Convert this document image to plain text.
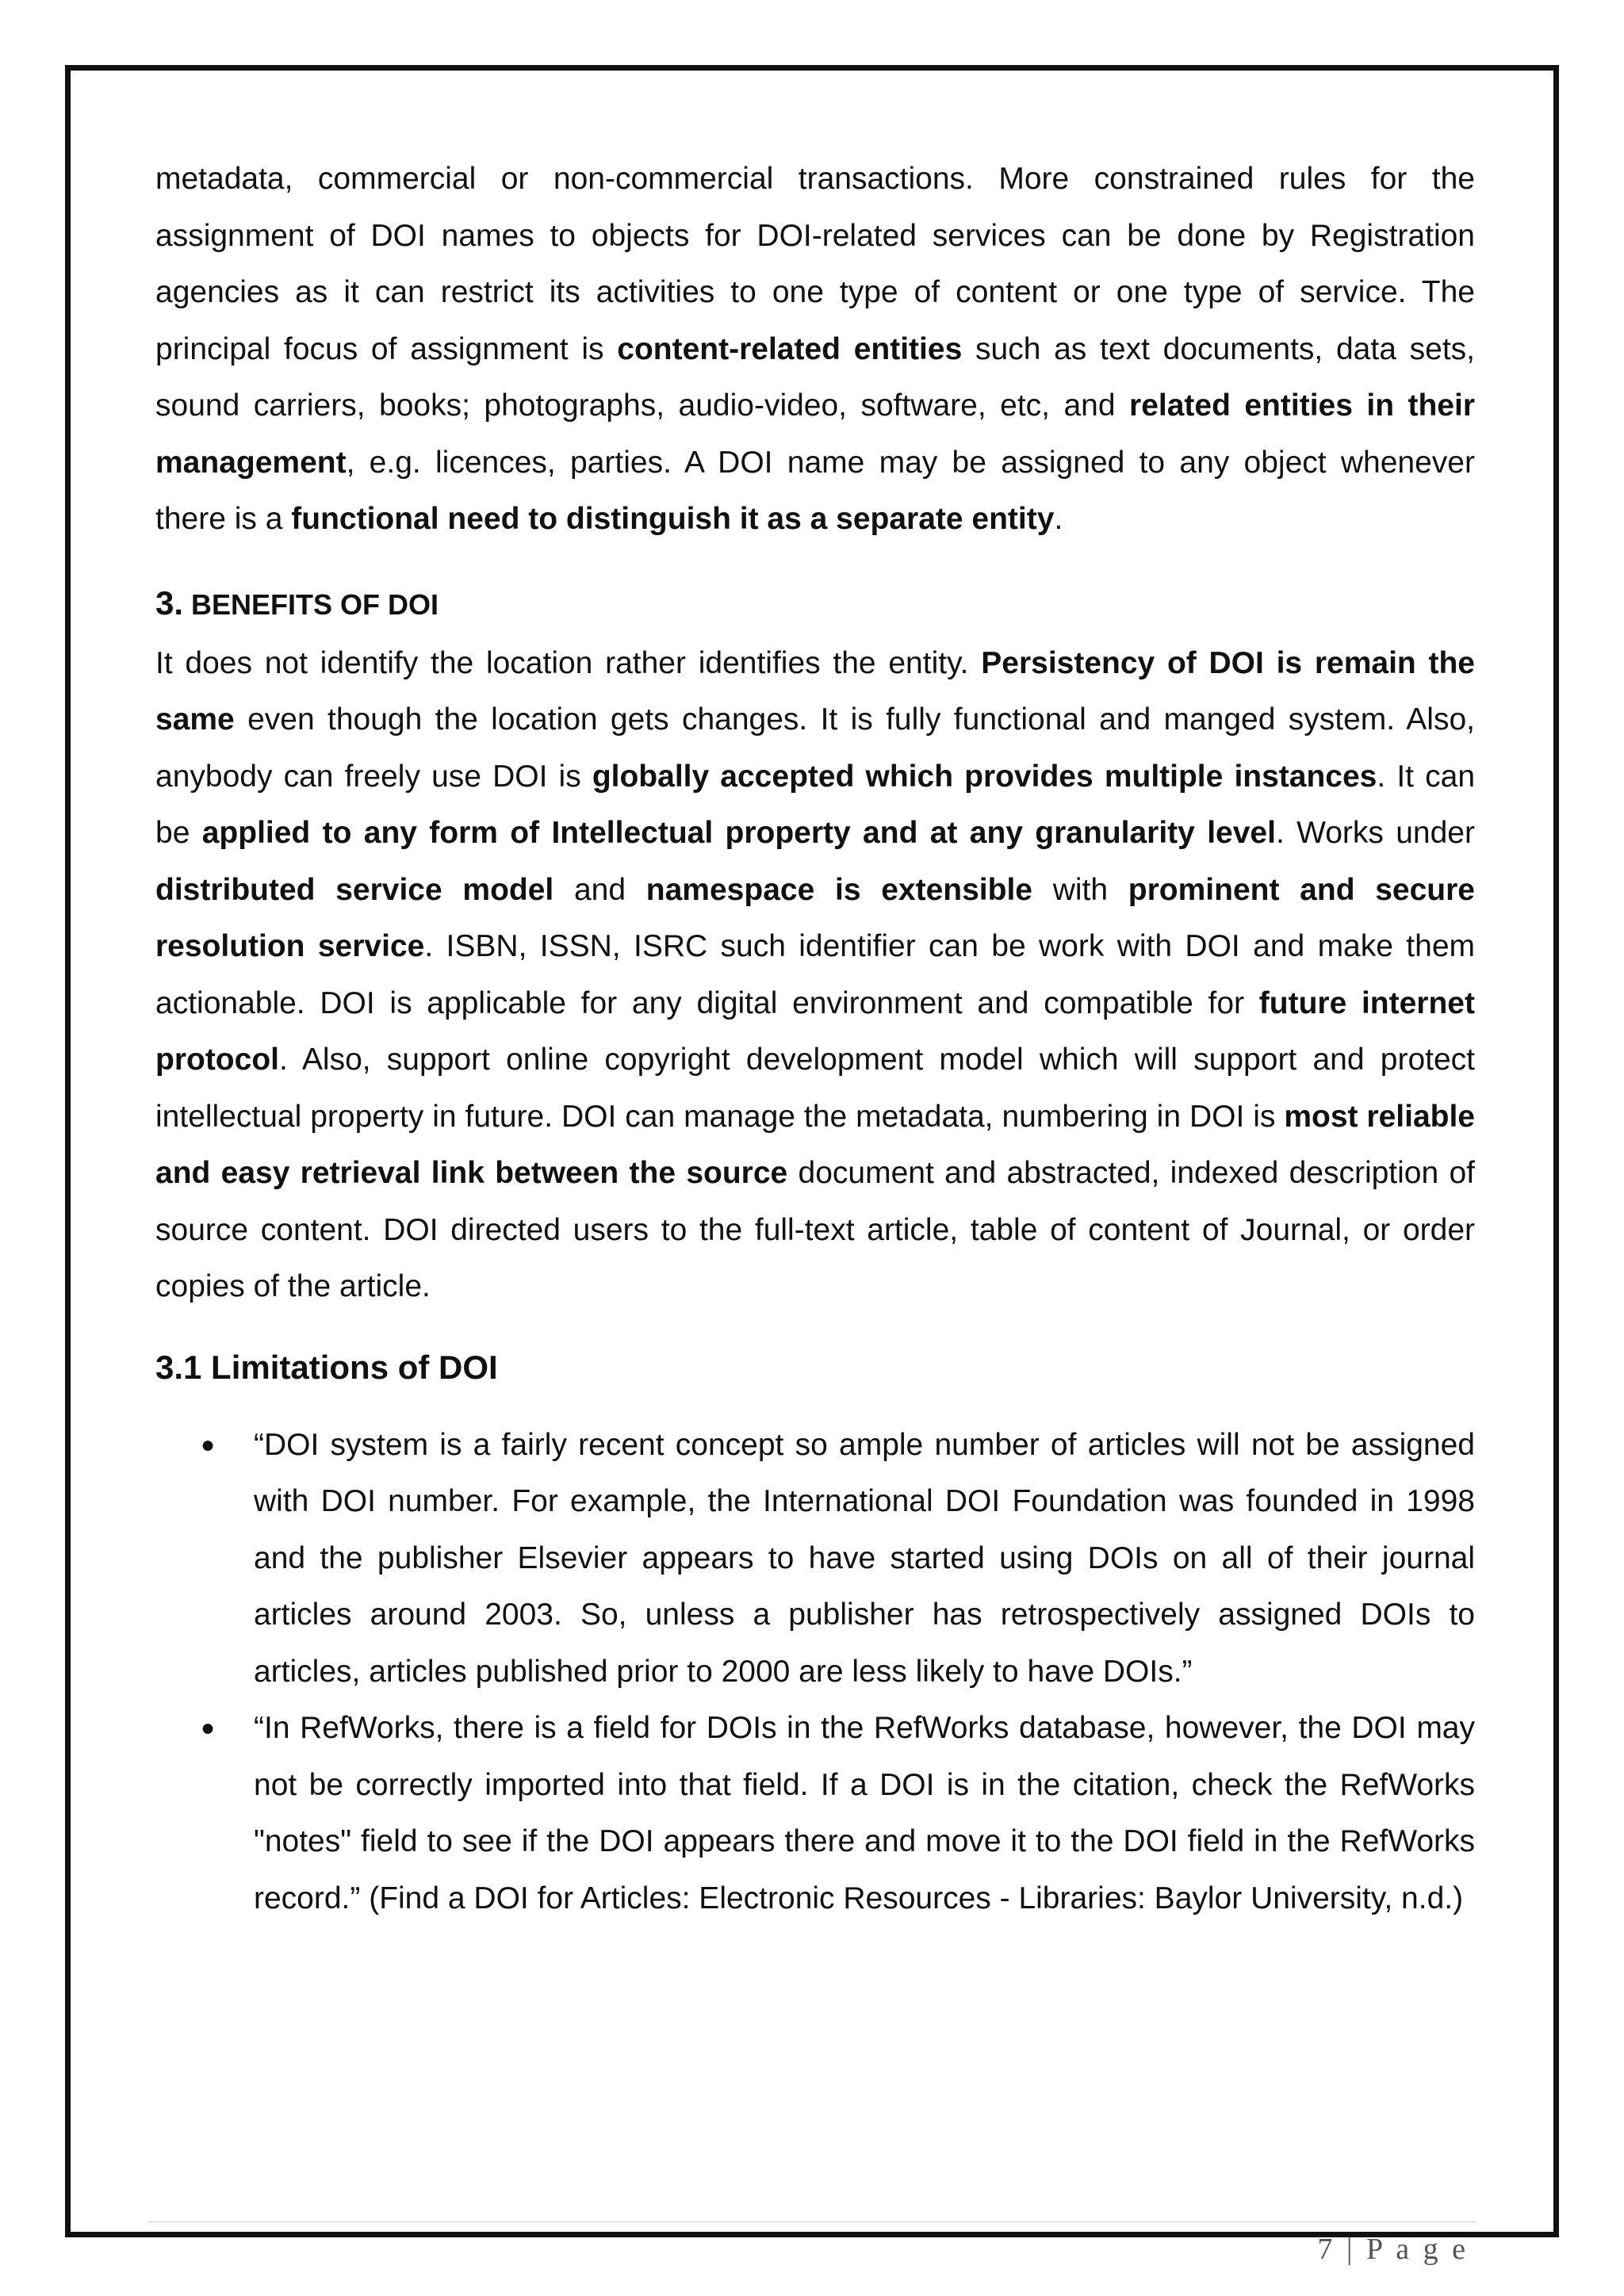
metadata, commercial or non-commercial transactions. More constrained rules for the assignment of DOI names to objects for DOI-related services can be done by Registration agencies as it can restrict its activities to one type of content or one type of service. The principal focus of assignment is content-related entities such as text documents, data sets, sound carriers, books; photographs, audio-video, software, etc, and related entities in their management, e.g. licences, parties. A DOI name may be assigned to any object whenever there is a functional need to distinguish it as a separate entity.

3. BENEFITS OF DOI

It does not identify the location rather identifies the entity. Persistency of DOI is remain the same even though the location gets changes. It is fully functional and manged system. Also, anybody can freely use DOI is globally accepted which provides multiple instances. It can be applied to any form of Intellectual property and at any granularity level. Works under distributed service model and namespace is extensible with prominent and secure resolution service. ISBN, ISSN, ISRC such identifier can be work with DOI and make them actionable. DOI is applicable for any digital environment and compatible for future internet protocol. Also, support online copyright development model which will support and protect intellectual property in future. DOI can manage the metadata, numbering in DOI is most reliable and easy retrieval link between the source document and abstracted, indexed description of source content. DOI directed users to the full-text article, table of content of Journal, or order copies of the article.

3.1 Limitations of DOI
● “DOI system is a fairly recent concept so ample number of articles will not be assigned with DOI number. For example, the International DOI Foundation was founded in 1998 and the publisher Elsevier appears to have started using DOIs on all of their journal articles around 2003. So, unless a publisher has retrospectively assigned DOIs to articles, articles published prior to 2000 are less likely to have DOIs.”
● “In RefWorks, there is a field for DOIs in the RefWorks database, however, the DOI may not be correctly imported into that field. If a DOI is in the citation, check the RefWorks "notes" field to see if the DOI appears there and move it to the DOI field in the RefWorks record.” (Find a DOI for Articles: Electronic Resources - Libraries: Baylor University, n.d.)
7 | P a g e
